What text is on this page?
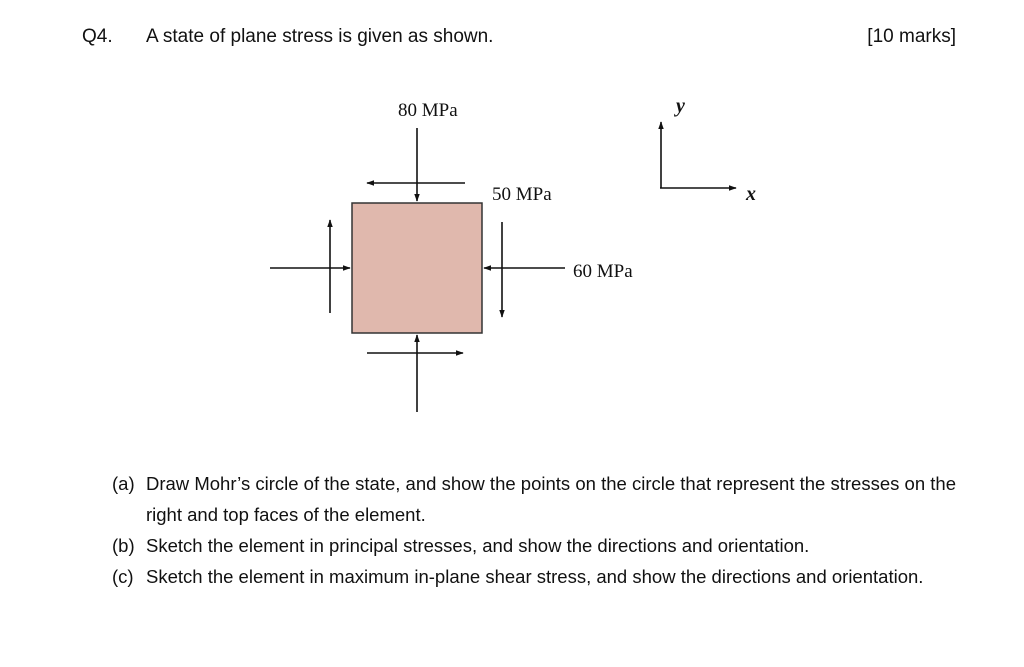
Q4. A state of plane stress is given as shown.	[10 marks]
80 MPa
50 MPa
60 MPa
y
x
(a) Draw Mohr’s circle of the state, and show the points on the circle that represent the stresses on the right and top faces of the element.
(b) Sketch the element in principal stresses, and show the directions and orientation.
(c) Sketch the element in maximum in-plane shear stress, and show the directions and orientation.
